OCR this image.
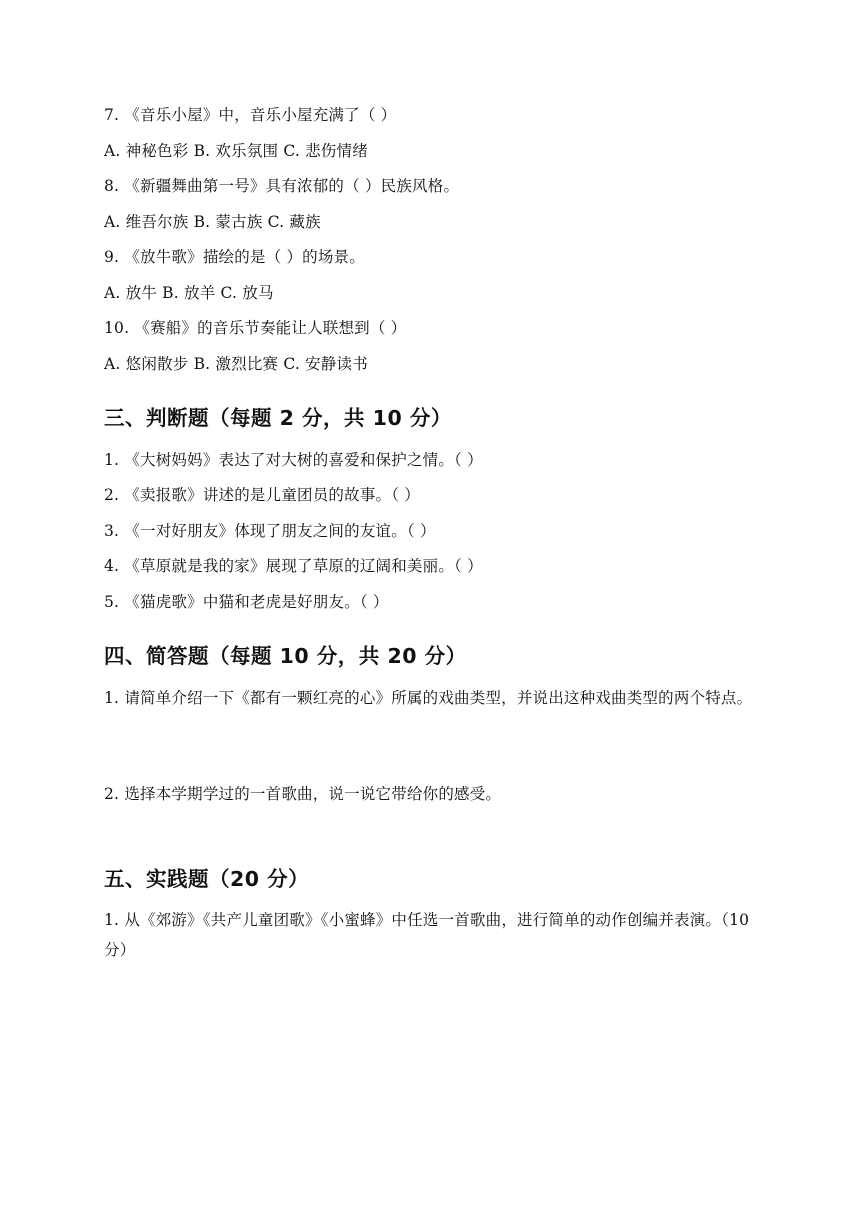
7. 《音乐小屋》中，音乐小屋充满了（ ）
A. 神秘色彩 B. 欢乐氛围 C. 悲伤情绪
8. 《新疆舞曲第一号》具有浓郁的（ ）民族风格。
A. 维吾尔族 B. 蒙古族 C. 藏族
9. 《放牛歌》描绘的是（ ）的场景。
A. 放牛 B. 放羊 C. 放马
10. 《赛船》的音乐节奏能让人联想到（ ）
A. 悠闲散步 B. 激烈比赛 C. 安静读书
三、判断题（每题 2 分，共 10 分）
1. 《大树妈妈》表达了对大树的喜爱和保护之情。（ ）
2. 《卖报歌》讲述的是儿童团员的故事。（ ）
3. 《一对好朋友》体现了朋友之间的友谊。（ ）
4. 《草原就是我的家》展现了草原的辽阔和美丽。（ ）
5. 《猫虎歌》中猫和老虎是好朋友。（ ）
四、简答题（每题 10 分，共 20 分）
1. 请简单介绍一下《都有一颗红亮的心》所属的戏曲类型，并说出这种戏曲类型的两个特点。
2. 选择本学期学过的一首歌曲，说一说它带给你的感受。
五、实践题（20 分）
1. 从《郊游》《共产儿童团歌》《小蜜蜂》中任选一首歌曲，进行简单的动作创编并表演。（10 分）
